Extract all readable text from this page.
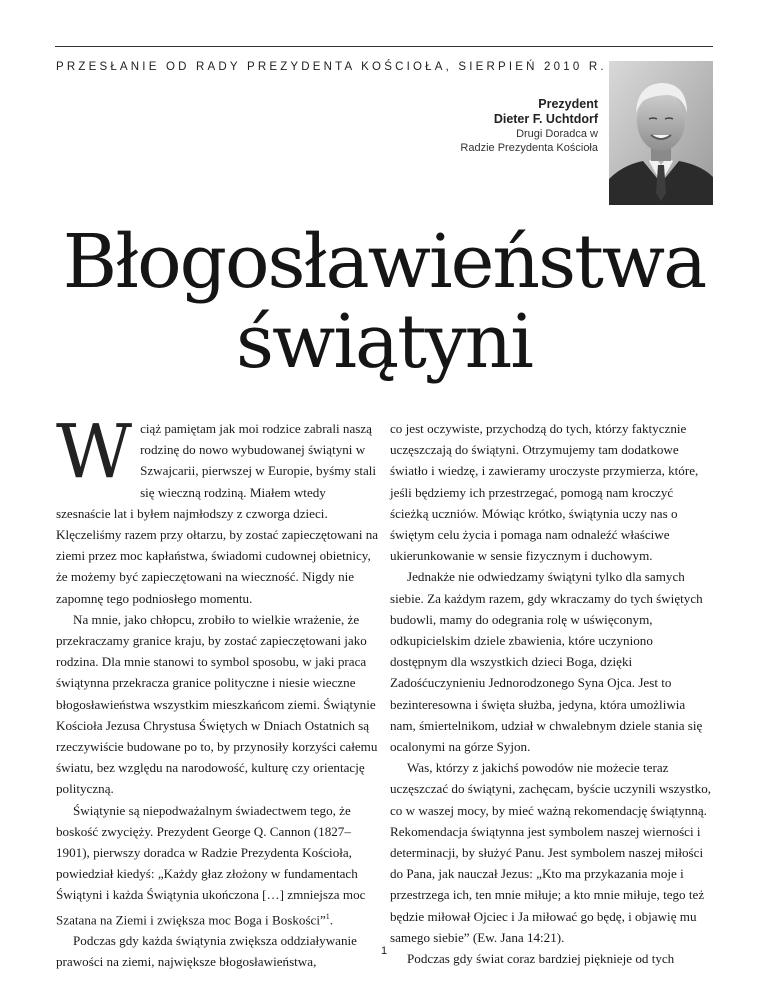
PRZESŁANIE OD RADY PREZYDENTA KOŚCIOŁA, SIERPIEŃ 2010 R.
Prezydent
Dieter F. Uchtdorf
Drugi Doradca w
Radzie Prezydenta Kościoła
Błogosławieństwa
świątyni

Wciąż pamiętam jak moi rodzice zabrali naszą rodzinę do nowo wybudowanej świątyni w Szwajcarii, pierwszej w Europie, byśmy stali się wieczną rodziną. Miałem wtedy szesnaście lat i byłem najmłodszy z czworga dzieci. Klęczeliśmy razem przy ołtarzu, by zostać zapieczętowani na ziemi przez moc kapłaństwa, świadomi cudownej obietnicy, że możemy być zapieczętowani na wieczność. Nigdy nie zapomnę tego podniosłego momentu.

Na mnie, jako chłopcu, zrobiło to wielkie wrażenie, że przekraczamy granice kraju, by zostać zapieczętowani jako rodzina. Dla mnie stanowi to symbol sposobu, w jaki praca świątynna przekracza granice polityczne i niesie wieczne błogosławieństwa wszystkim mieszkańcom ziemi. Świątynie Kościoła Jezusa Chrystusa Świętych w Dniach Ostatnich są rzeczywiście budowane po to, by przynosiły korzyści całemu światu, bez względu na narodowość, kulturę czy orientację polityczną.

Świątynie są niepodważalnym świadectwem tego, że boskość zwycięży. Prezydent George Q. Cannon (1827–1901), pierwszy doradca w Radzie Prezydenta Kościoła, powiedział kiedyś: „Każdy głaz złożony w fundamentach Świątyni i każda Świątynia ukończona […] zmniejsza moc Szatana na Ziemi i zwiększa moc Boga i Boskości”$^1$.

Podczas gdy każda świątynia zwiększa oddziaływanie prawości na ziemi, największe błogosławieństwa,

co jest oczywiste, przychodzą do tych, którzy faktycznie uczęszczają do świątyni. Otrzymujemy tam dodatkowe światło i wiedzę, i zawieramy uroczyste przymierza, które, jeśli będziemy ich przestrzegać, pomogą nam kroczyć ścieżką uczniów. Mówiąc krótko, świątynia uczy nas o świętym celu życia i pomaga nam odnaleźć właściwe ukierunkowanie w sensie fizycznym i duchowym.

Jednakże nie odwiedzamy świątyni tylko dla samych siebie. Za każdym razem, gdy wkraczamy do tych świętych budowli, mamy do odegrania rolę w uświęconym, odkupicielskim dziele zbawienia, które uczyniono dostępnym dla wszystkich dzieci Boga, dzięki Zadośćuczynieniu Jednorodzonego Syna Ojca. Jest to bezinteresowna i święta służba, jedyna, która umożliwia nam, śmiertelnikom, udział w chwalebnym dziele stania się ocalonymi na górze Syjon.

Was, którzy z jakichś powodów nie możecie teraz uczęszczać do świątyni, zachęcam, byście uczynili wszystko, co w waszej mocy, by mieć ważną rekomendację świątynną. Rekomendacja świątynna jest symbolem naszej wierności i determinacji, by służyć Panu. Jest symbolem naszej miłości do Pana, jak nauczał Jezus: „Kto ma przykazania moje i przestrzega ich, ten mnie miłuje; a kto mnie miłuje, tego też będzie miłował Ojciec i Ja miłować go będę, i objawię mu samego siebie” (Ew. Jana 14:21).

Podczas gdy świat coraz bardziej pięknieje od tych

1
